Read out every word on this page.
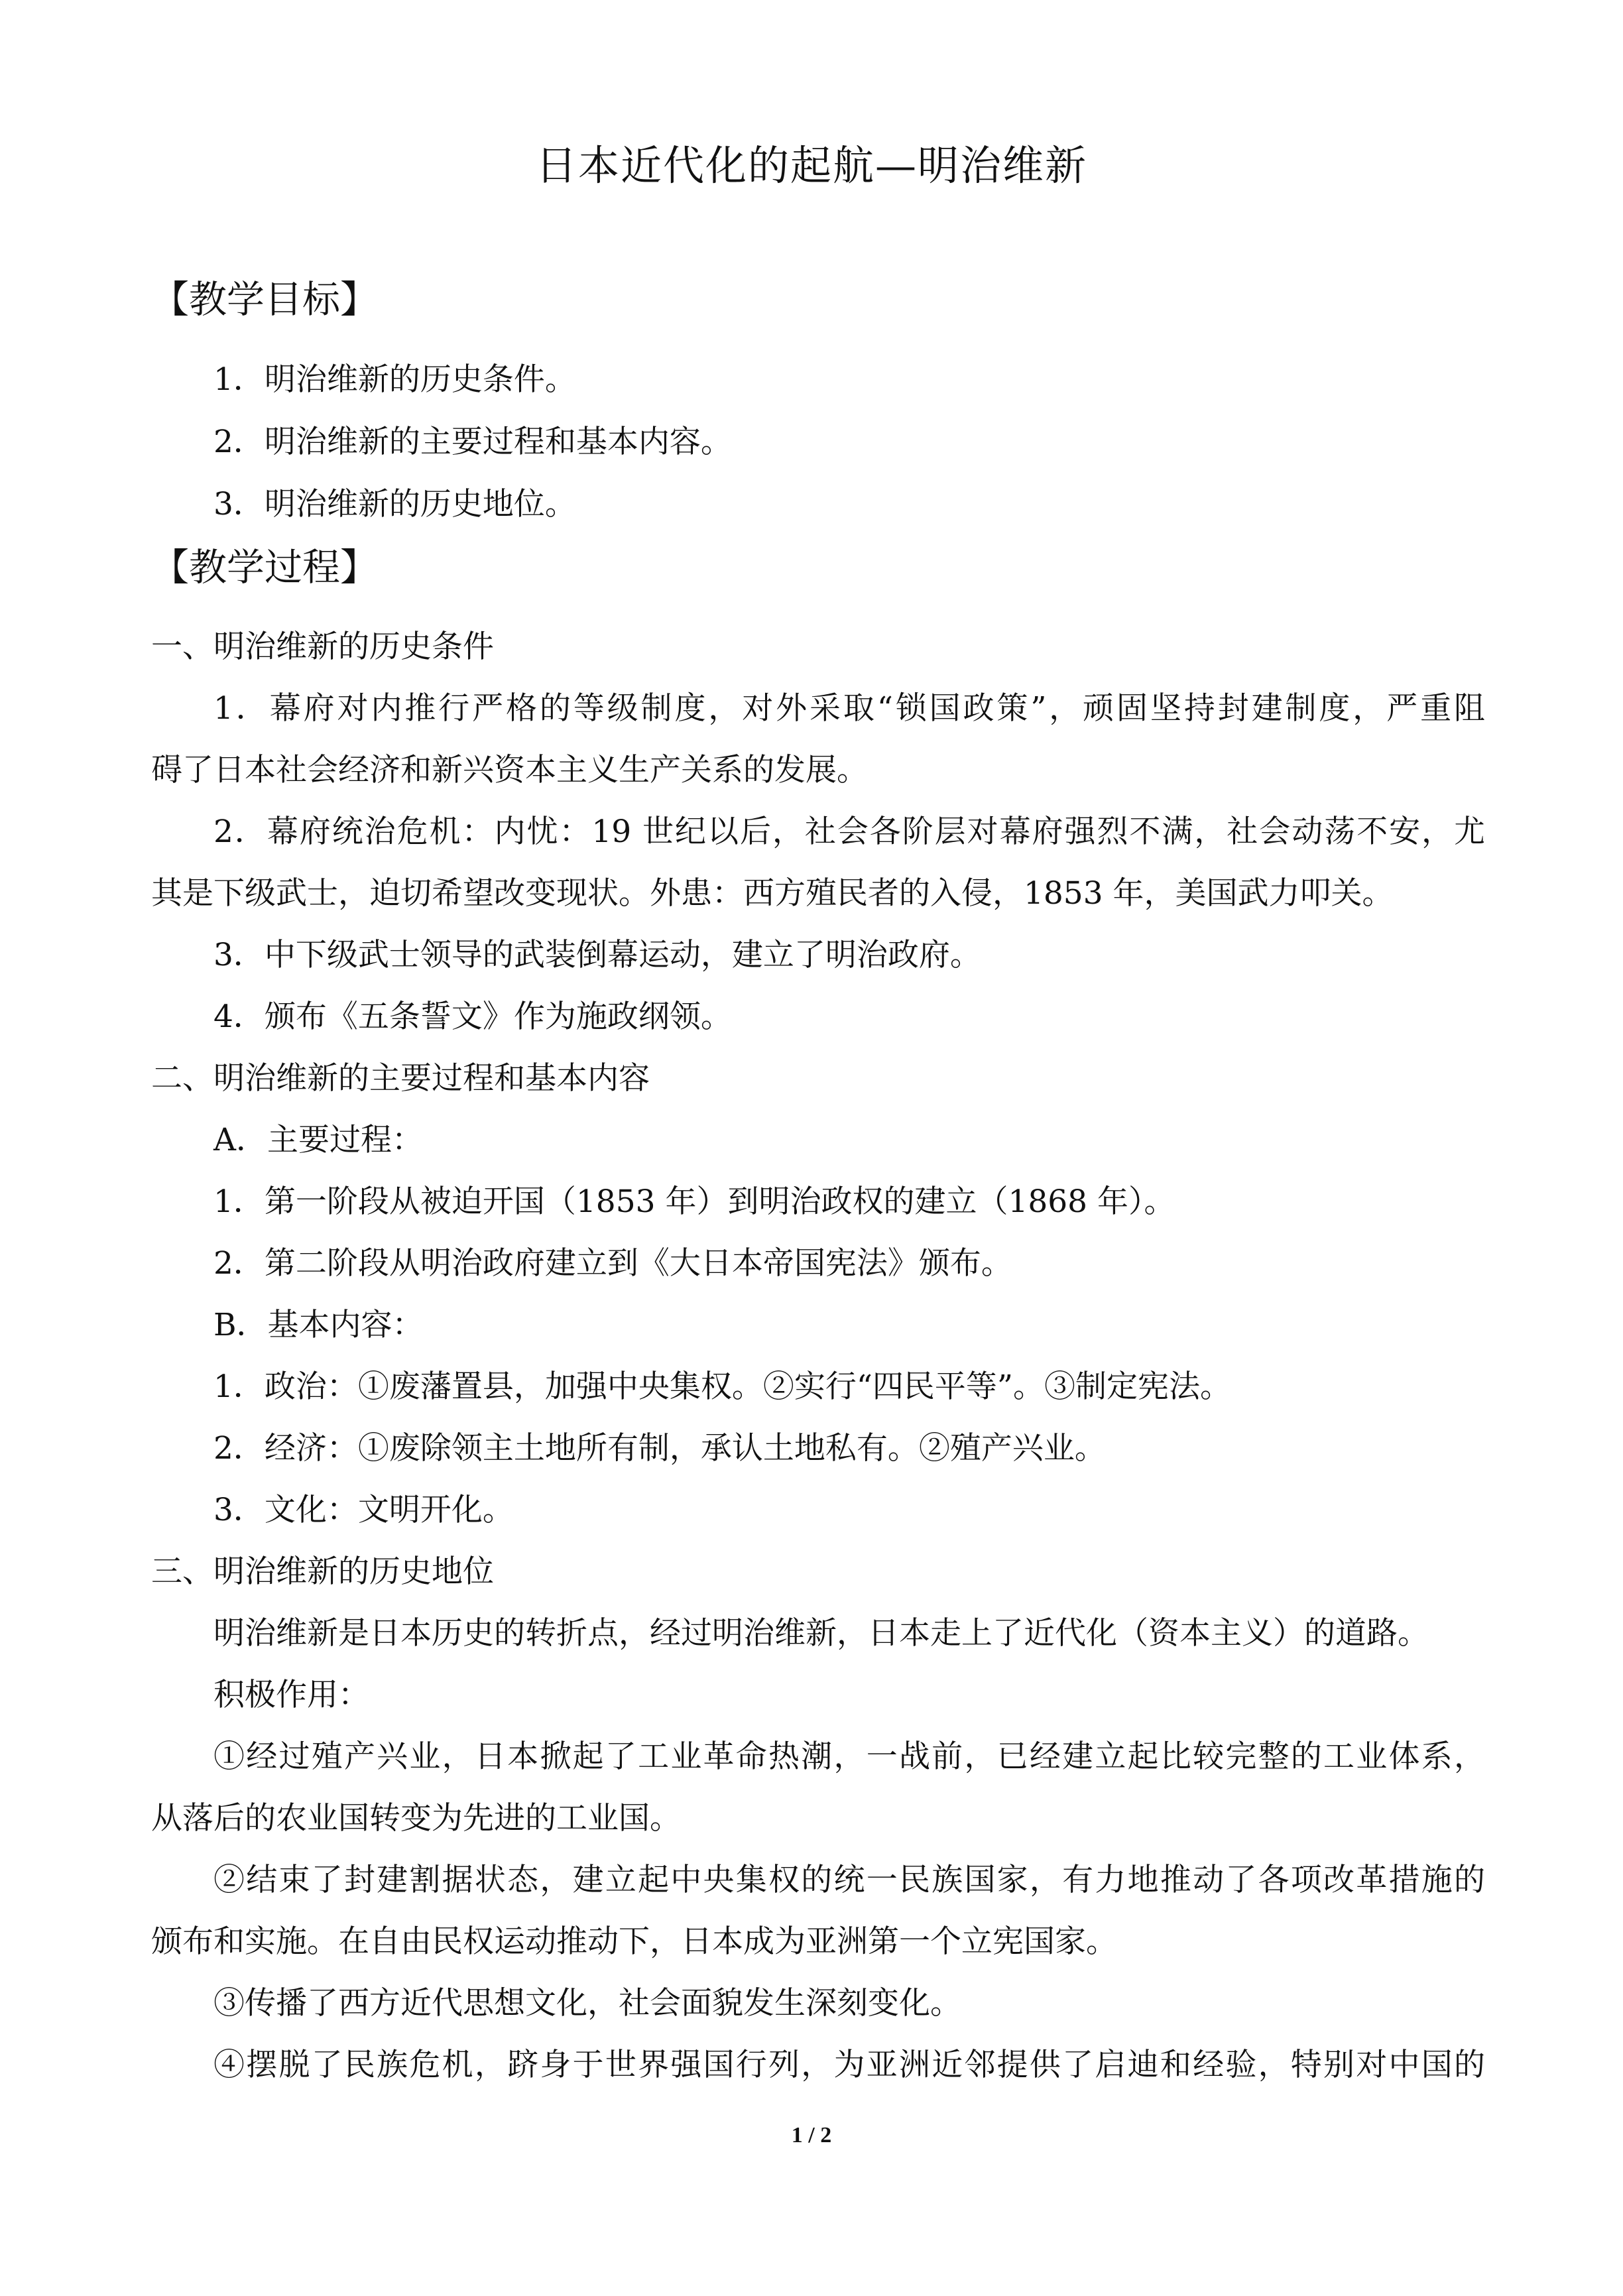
日本近代化的起航—明治维新
【教学目标】
1．明治维新的历史条件。
2．明治维新的主要过程和基本内容。
3．明治维新的历史地位。
【教学过程】
一、明治维新的历史条件
1．幕府对内推行严格的等级制度，对外采取“锁国政策”，顽固坚持封建制度，严重阻
碍了日本社会经济和新兴资本主义生产关系的发展。
2．幕府统治危机：内忧：19 世纪以后，社会各阶层对幕府强烈不满，社会动荡不安，尤
其是下级武士，迫切希望改变现状。外患：西方殖民者的入侵，1853 年，美国武力叩关。
3．中下级武士领导的武装倒幕运动，建立了明治政府。
4．颁布《五条誓文》作为施政纲领。
二、明治维新的主要过程和基本内容
A．主要过程：
1．第一阶段从被迫开国（1853 年）到明治政权的建立（1868 年）。
2．第二阶段从明治政府建立到《大日本帝国宪法》颁布。
B．基本内容：
1．政治：①废藩置县，加强中央集权。②实行“四民平等”。③制定宪法。
2．经济：①废除领主土地所有制，承认土地私有。②殖产兴业。
3．文化：文明开化。
三、明治维新的历史地位
明治维新是日本历史的转折点，经过明治维新，日本走上了近代化（资本主义）的道路。
积极作用：
①经过殖产兴业，日本掀起了工业革命热潮，一战前，已经建立起比较完整的工业体系，
从落后的农业国转变为先进的工业国。
②结束了封建割据状态，建立起中央集权的统一民族国家，有力地推动了各项改革措施的
颁布和实施。在自由民权运动推动下，日本成为亚洲第一个立宪国家。
③传播了西方近代思想文化，社会面貌发生深刻变化。
④摆脱了民族危机，跻身于世界强国行列，为亚洲近邻提供了启迪和经验，特别对中国的
1 / 2
